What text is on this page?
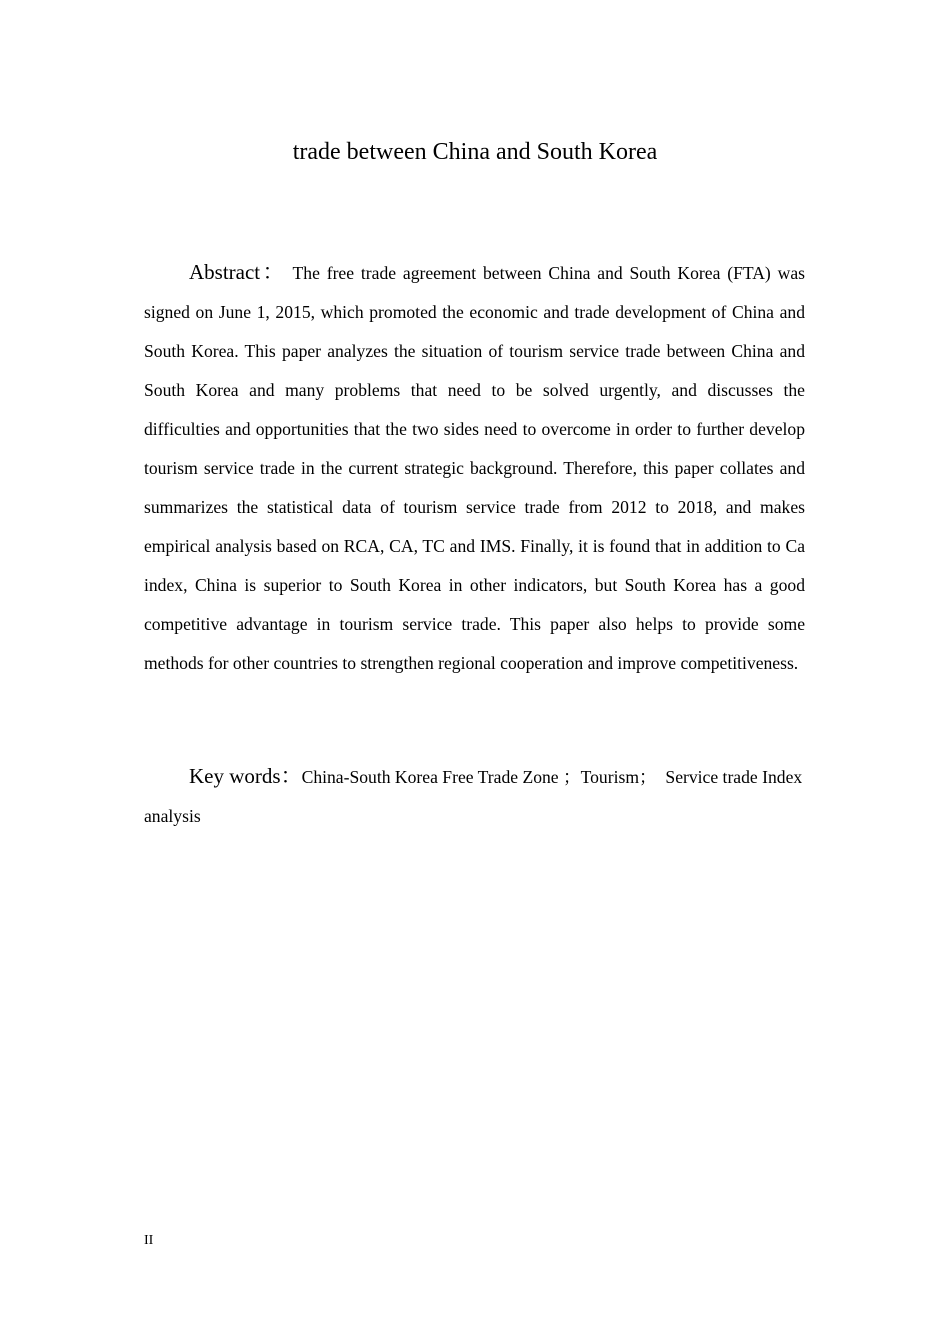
trade between China and South Korea

Abstract： The free trade agreement between China and South Korea (FTA) was signed on June 1, 2015, which promoted the economic and trade development of China and South Korea. This paper analyzes the situation of tourism service trade between China and South Korea and many problems that need to be solved urgently, and discusses the difficulties and opportunities that the two sides need to overcome in order to further develop tourism service trade in the current strategic background. Therefore, this paper collates and summarizes the statistical data of tourism service trade from 2012 to 2018, and makes empirical analysis based on RCA, CA, TC and IMS. Finally, it is found that in addition to Ca index, China is superior to South Korea in other indicators, but South Korea has a good competitive advantage in tourism service trade. This paper also helps to provide some methods for other countries to strengthen regional cooperation and improve competitiveness.

Key words：China-South Korea Free Trade Zone ；Tourism；  Service trade Index analysis

II
